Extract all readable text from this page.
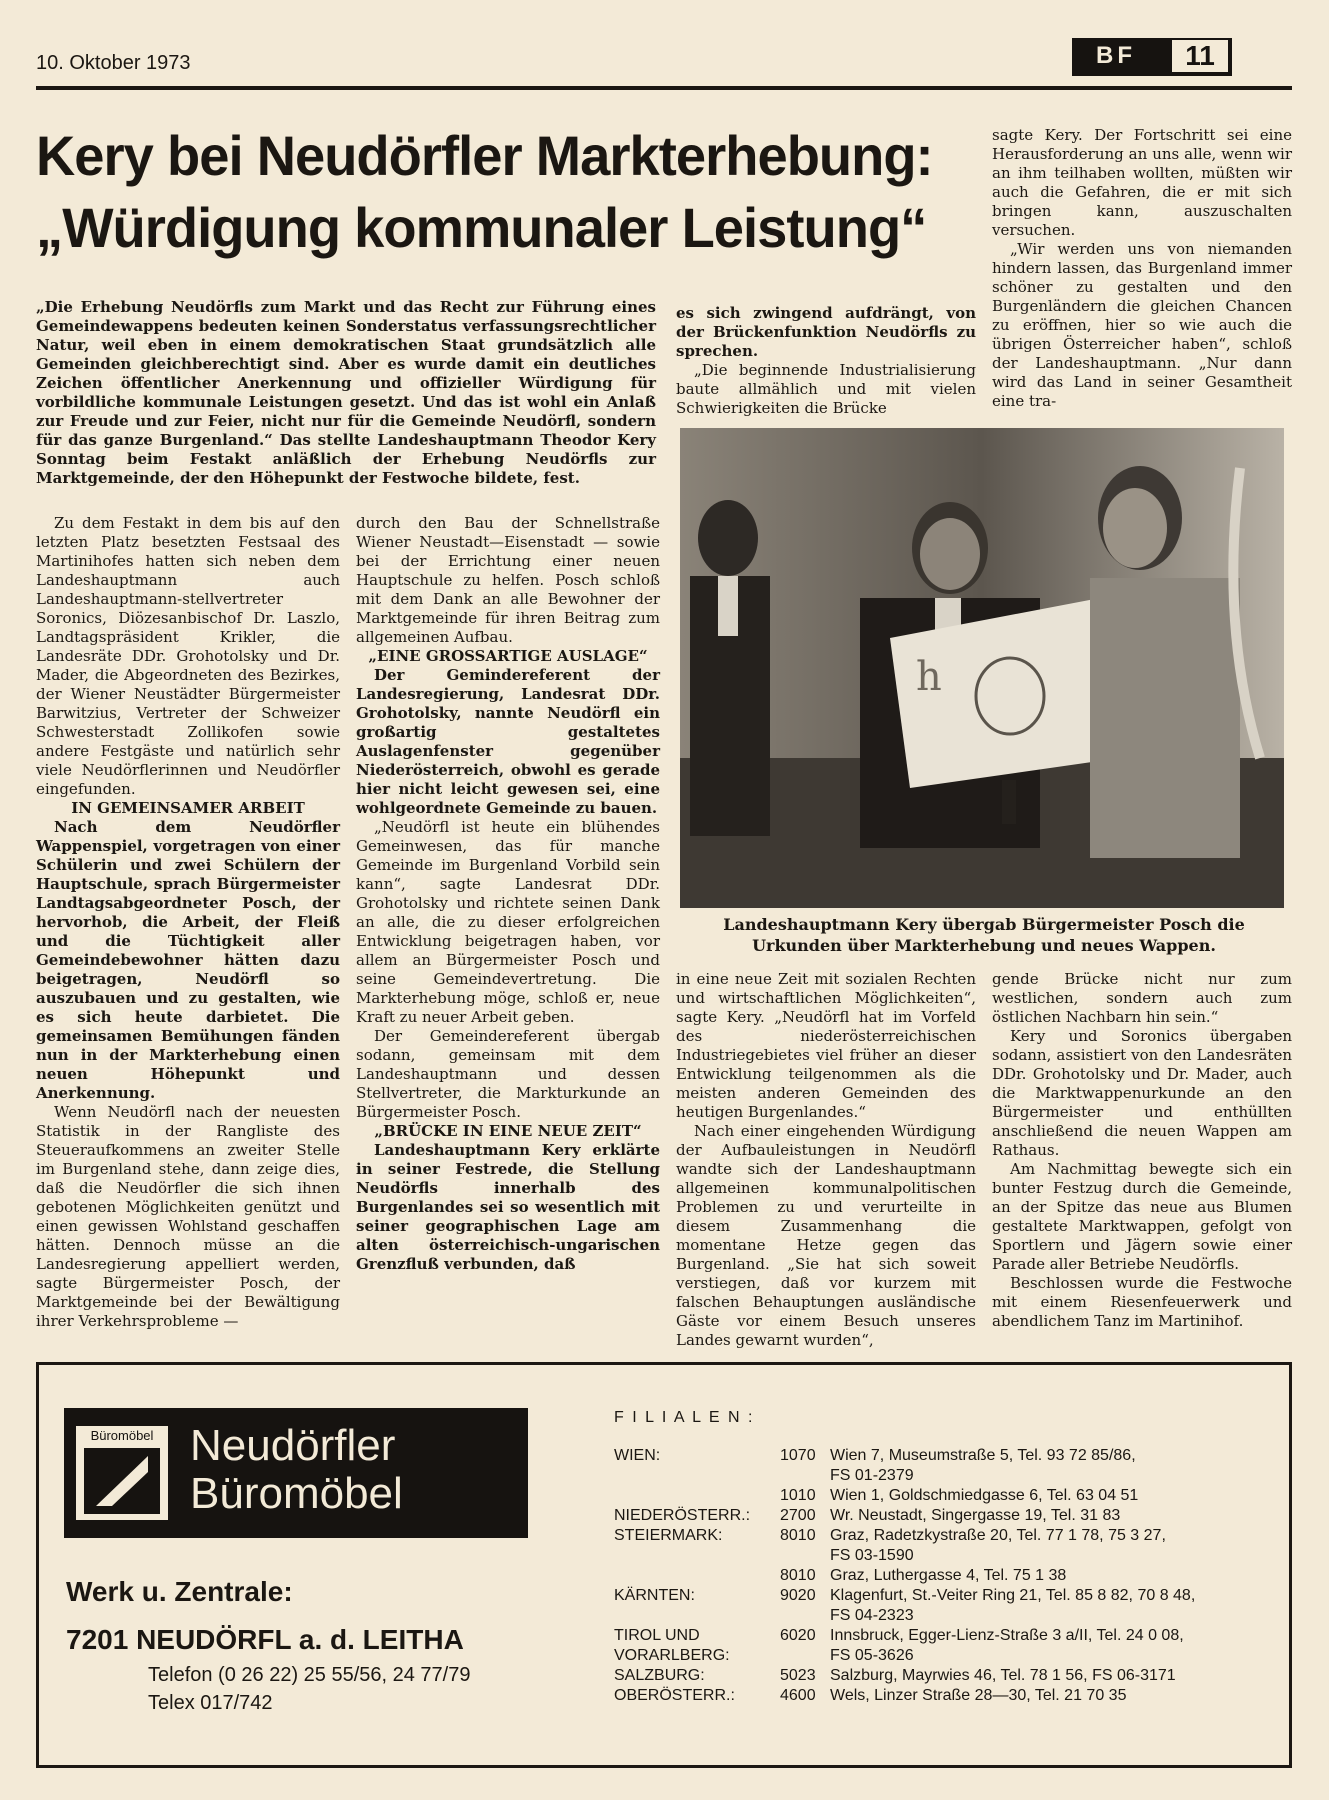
10. Oktober 1973	BF	11
Kery bei Neudörfler Markterhebung:
„Würdigung kommunaler Leistung“
„Die Erhebung Neudörfls zum Markt und das Recht zur Führung eines Gemeindewappens bedeuten keinen Sonderstatus verfassungsrechtlicher Natur, weil eben in einem demokratischen Staat grundsätzlich alle Gemeinden gleichberechtigt sind. Aber es wurde damit ein deutliches Zeichen öffentlicher Anerkennung und offizieller Würdigung für vorbildliche kommunale Leistungen gesetzt. Und das ist wohl ein Anlaß zur Freude und zur Feier, nicht nur für die Gemeinde Neudörfl, sondern für das ganze Burgenland.“ Das stellte Landeshauptmann Theodor Kery Sonntag beim Festakt anläßlich der Erhebung Neudörfls zur Marktgemeinde, der den Höhepunkt der Festwoche bildete, fest.

Zu dem Festakt in dem bis auf den letzten Platz besetzten Festsaal des Martinihofes hatten sich neben dem Landeshauptmann auch Landeshauptmann-stellvertreter Soronics, Diözesanbischof Dr. Laszlo, Landtagspräsident Krikler, die Landesräte DDr. Grohotolsky und Dr. Mader, die Abgeordneten des Bezirkes, der Wiener Neustädter Bürgermeister Barwitzius, Vertreter der Schweizer Schwesterstadt Zollikofen sowie andere Festgäste und natürlich sehr viele Neudörflerinnen und Neudörfler eingefunden.

IN GEMEINSAMER ARBEIT

Nach dem Neudörfler Wappenspiel, vorgetragen von einer Schülerin und zwei Schülern der Hauptschule, sprach Bürgermeister Landtagsabgeordneter Posch, der hervorhob, die Arbeit, der Fleiß und die Tüchtigkeit aller Gemeindebewohner hätten dazu beigetragen, Neudörfl so auszubauen und zu gestalten, wie es sich heute darbietet. Die gemeinsamen Bemühungen fänden nun in der Markterhebung einen neuen Höhepunkt und Anerkennung.

Wenn Neudörfl nach der neuesten Statistik in der Rangliste des Steueraufkommens an zweiter Stelle im Burgenland stehe, dann zeige dies, daß die Neudörfler die sich ihnen gebotenen Möglichkeiten genützt und einen gewissen Wohlstand geschaffen hätten. Dennoch müsse an die Landesregierung appelliert werden, sagte Bürgermeister Posch, der Marktgemeinde bei der Bewältigung ihrer Verkehrsprobleme —

durch den Bau der Schnellstraße Wiener Neustadt—Eisenstadt — sowie bei der Errichtung einer neuen Hauptschule zu helfen. Posch schloß mit dem Dank an alle Bewohner der Marktgemeinde für ihren Beitrag zum allgemeinen Aufbau.

„EINE GROSSARTIGE AUSLAGE“

Der Gemindereferent der Landesregierung, Landesrat DDr. Grohotolsky, nannte Neudörfl ein großartig gestaltetes Auslagenfenster gegenüber Niederösterreich, obwohl es gerade hier nicht leicht gewesen sei, eine wohlgeordnete Gemeinde zu bauen.

„Neudörfl ist heute ein blühendes Gemeinwesen, das für manche Gemeinde im Burgenland Vorbild sein kann“, sagte Landesrat DDr. Grohotolsky und richtete seinen Dank an alle, die zu dieser erfolgreichen Entwicklung beigetragen haben, vor allem an Bürgermeister Posch und seine Gemeindevertretung. Die Markterhebung möge, schloß er, neue Kraft zu neuer Arbeit geben.

Der Gemeindereferent übergab sodann, gemeinsam mit dem Landeshauptmann und dessen Stellvertreter, die Markturkunde an Bürgermeister Posch.

„BRÜCKE IN EINE NEUE ZEIT“

Landeshauptmann Kery erklärte in seiner Festrede, die Stellung Neudörfls innerhalb des Burgenlandes sei so wesentlich mit seiner geographischen Lage am alten österreichisch-ungarischen Grenzfluß verbunden, daß

es sich zwingend aufdrängt, von der Brückenfunktion Neudörfls zu sprechen.

„Die beginnende Industrialisierung baute allmählich und mit vielen Schwierigkeiten die Brücke

sagte Kery. Der Fortschritt sei eine Herausforderung an uns alle, wenn wir an ihm teilhaben wollten, müßten wir auch die Gefahren, die er mit sich bringen kann, auszuschalten versuchen.

„Wir werden uns von niemanden hindern lassen, das Burgenland immer schöner zu gestalten und den Burgenländern die gleichen Chancen zu eröffnen, hier so wie auch die übrigen Österreicher haben“, schloß der Landeshauptmann. „Nur dann wird das Land in seiner Gesamtheit eine tra-

h
Landeshauptmann Kery übergab Bürgermeister Posch die Urkunden über Markterhebung und neues Wappen.

in eine neue Zeit mit sozialen Rechten und wirtschaftlichen Möglichkeiten“, sagte Kery. „Neudörfl hat im Vorfeld des niederösterreichischen Industriegebietes viel früher an dieser Entwicklung teilgenommen als die meisten anderen Gemeinden des heutigen Burgenlandes.“

Nach einer eingehenden Würdigung der Aufbauleistungen in Neudörfl wandte sich der Landeshauptmann allgemeinen kommunalpolitischen Problemen zu und verurteilte in diesem Zusammenhang die momentane Hetze gegen das Burgenland. „Sie hat sich soweit verstiegen, daß vor kurzem mit falschen Behauptungen ausländische Gäste vor einem Besuch unseres Landes gewarnt wurden“,

gende Brücke nicht nur zum westlichen, sondern auch zum östlichen Nachbarn hin sein.“

Kery und Soronics übergaben sodann, assistiert von den Landesräten DDr. Grohotolsky und Dr. Mader, auch die Marktwappenurkunde an den Bürgermeister und enthüllten anschließend die neuen Wappen am Rathaus.

Am Nachmittag bewegte sich ein bunter Festzug durch die Gemeinde, an der Spitze das neue aus Blumen gestaltete Marktwappen, gefolgt von Sportlern und Jägern sowie einer Parade aller Betriebe Neudörfls.

Beschlossen wurde die Festwoche mit einem Riesenfeuerwerk und abendlichem Tanz im Martinihof.

Büromöbel Neudörfler
Büromöbel
Werk u. Zentrale:
7201 NEUDÖRFL a. d. LEITHA
Telefon (0 26 22) 25 55/56, 24 77/79
Telex 017/742
F I L I A L E N :
WIEN:	1070 Wien 7, Museumstraße 5, Tel. 93 72 85/86,
FS 01-2379
1010 Wien 1, Goldschmiedgasse 6, Tel. 63 04 51
NIEDERÖSTERR.:	2700 Wr. Neustadt, Singergasse 19, Tel. 31 83
STEIERMARK:	8010 Graz, Radetzkystraße 20, Tel. 77 1 78, 75 3 27,
FS 03-1590
8010 Graz, Luthergasse 4, Tel. 75 1 38
KÄRNTEN:	9020 Klagenfurt, St.-Veiter Ring 21, Tel. 85 8 82, 70 8 48,
FS 04-2323
TIROL UND
VORARLBERG:
6020 Innsbruck, Egger-Lienz-Straße 3 a/II, Tel. 24 0 08,
FS 05-3626
SALZBURG:	5023 Salzburg, Mayrwies 46, Tel. 78 1 56, FS 06-3171
OBERÖSTERR.:	4600 Wels, Linzer Straße 28—30, Tel. 21 70 35
